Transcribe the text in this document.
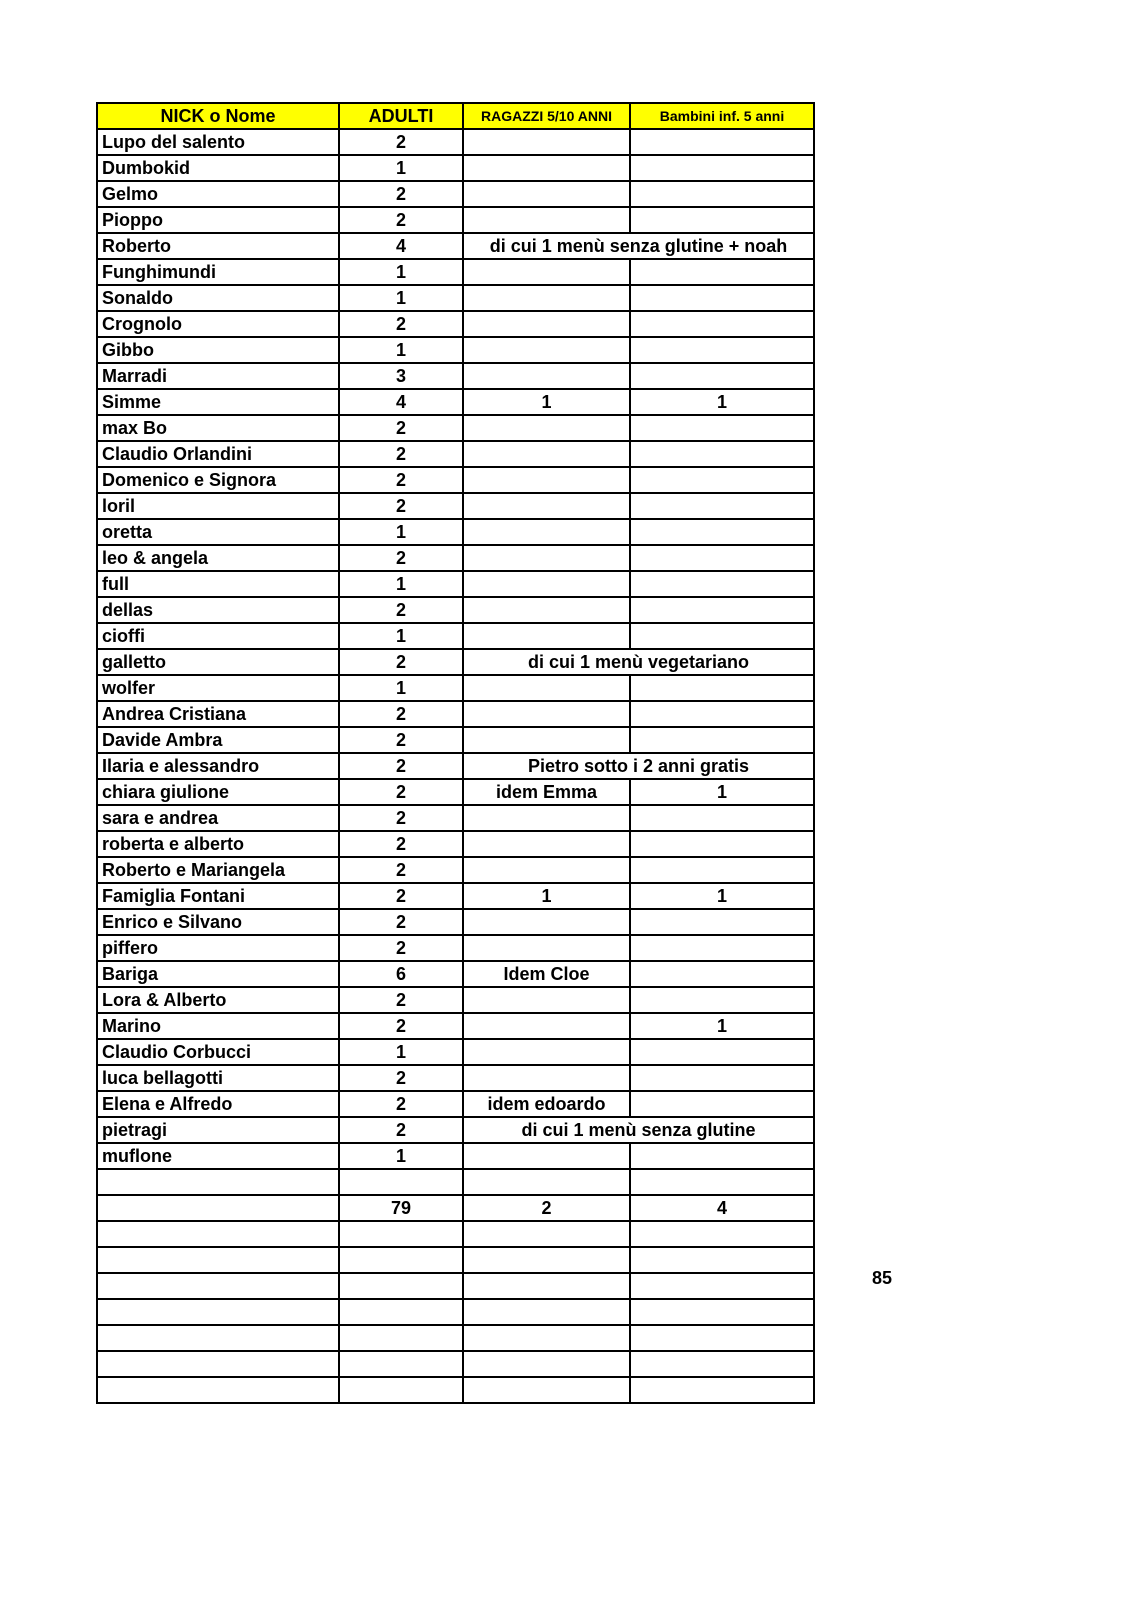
NICK o Nome	ADULTI	RAGAZZI 5/10 ANNI	Bambini inf. 5 anni
Lupo del salento	2		
Dumbokid	1		
Gelmo	2		
Pioppo	2		
Roberto	4	di cui 1 menù senza glutine + noah	
Funghimundi	1		
Sonaldo	1		
Crognolo	2		
Gibbo	1		
Marradi	3		
Simme	4	1	1
max Bo	2		
Claudio Orlandini	2		
Domenico e Signora	2		
loril	2		
oretta	1		
leo & angela	2		
full	1		
dellas	2		
cioffi	1		
galletto	2	di cui 1 menù vegetariano	
wolfer	1		
Andrea Cristiana	2		
Davide Ambra	2		
Ilaria e alessandro	2	Pietro sotto i 2 anni gratis	
chiara giulione	2	idem Emma	1
sara e andrea	2		
roberta e alberto	2		
Roberto e Mariangela	2		
Famiglia Fontani	2	1	1
Enrico e Silvano	2		
piffero	2		
Bariga	6	Idem Cloe	
Lora & Alberto	2		
Marino	2		1
Claudio Corbucci	1		
luca bellagotti	2		
Elena e Alfredo	2	idem edoardo	
pietragi	2	di cui 1 menù senza glutine	
muflone	1		

	79	2	4

85
